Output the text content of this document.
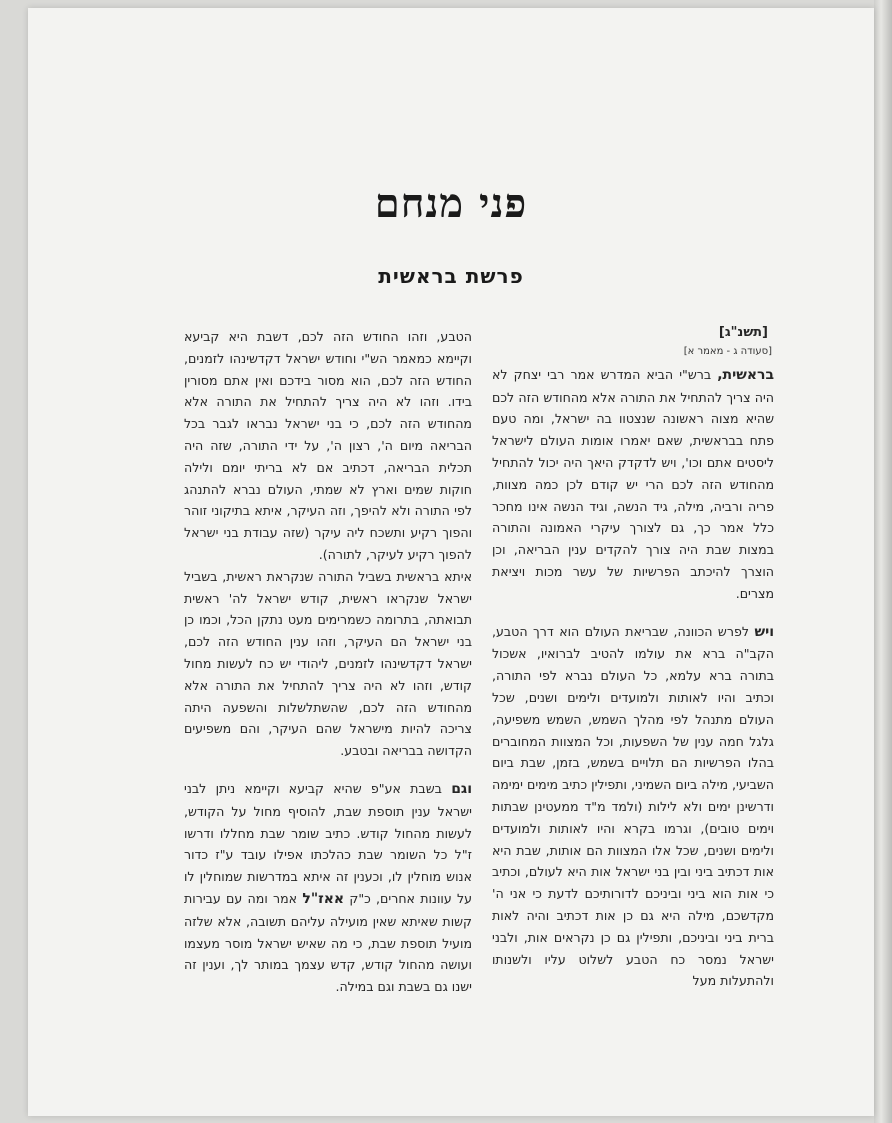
פני מנחם
פרשת בראשית
[תשנ"ג]
[סעודה ג - מאמר א]

בראשית, ברש"י הביא המדרש אמר רבי יצחק לא היה צריך להתחיל את התורה אלא מהחודש הזה לכם שהיא מצוה ראשונה שנצטוו בה ישראל, ומה טעם פתח בבראשית, שאם יאמרו אומות העולם לישראל ליסטים אתם וכו', ויש לדקדק היאך היה יכול להתחיל מהחודש הזה לכם הרי יש קודם לכן כמה מצוות, פריה ורביה, מילה, גיד הנשה, וגיד הנשה אינו מחכר כלל אמר כך, גם לצורך עיקרי האמונה והתורה במצות שבת היה צורך להקדים ענין הבריאה, וכן הוצרך להיכתב הפרשיות של עשר מכות ויציאת מצרים.

ויש לפרש הכוונה, שבריאת העולם הוא דרך הטבע, הקב"ה ברא את עולמו להטיב לברואיו, אשכול בתורה ברא עלמא, כל העולם נברא לפי התורה, וכתיב והיו לאותות ולמועדים ולימים ושנים, שכל העולם מתנהל לפי מהלך השמש, השמש משפיעה, גלגל חמה ענין של השפעות, וכל המצוות המחוברים בהלו הפרשיות הם תלויים בשמש, בזמן, שבת ביום השביעי, מילה ביום השמיני, ותפילין כתיב מימים ימימה ודרשינן ימים ולא לילות (ולמד מ"ד ממעטינן שבתות וימים טובים), וגרמו בקרא והיו לאותות ולמועדים ולימים ושנים, שכל אלו המצוות הם אותות, שבת היא אות דכתיב ביני ובין בני ישראל אות היא לעולם, וכתיב כי אות הוא ביני וביניכם לדורותיכם לדעת כי אני ה' מקדשכם, מילה היא גם כן אות דכתיב והיה לאות ברית ביני וביניכם, ותפילין גם כן נקראים אות, ולבני ישראל נמסר כח הטבע לשלוט עליו ולשנותו ולהתעלות מעל

הטבע, וזהו החודש הזה לכם, דשבת היא קביעא וקיימא כמאמר הש"י וחודש ישראל דקדשינהו לזמנים, החודש הזה לכם, הוא מסור בידכם ואין אתם מסורין בידו. וזהו לא היה צריך להתחיל את התורה אלא מהחודש הזה לכם, כי בני ישראל נבראו לגבר בכל הבריאה מיום ה', רצון ה', על ידי התורה, שזה היה תכלית הבריאה, דכתיב אם לא בריתי יומם ולילה חוקות שמים וארץ לא שמתי, העולם נברא להתנהג לפי התורה ולא להיפך, וזה העיקר, איתא בתיקוני זוהר והפוך רקיע ותשכח ליה עיקר (שזה עבודת בני ישראל להפוך רקיע לעיקר, לתורה).

איתא בראשית בשביל התורה שנקראת ראשית, בשביל ישראל שנקראו ראשית, קודש ישראל לה' ראשית תבואתה, בתרומה כשמרימים מעט נתקן הכל, וכמו כן בני ישראל הם העיקר, וזהו ענין החודש הזה לכם, ישראל דקדשינהו לזמנים, ליהודי יש כח לעשות מחול קודש, וזהו לא היה צריך להתחיל את התורה אלא מהחודש הזה לכם, שהשתלשלות והשפעה היתה צריכה להיות מישראל שהם העיקר, והם משפיעים הקדושה בבריאה ובטבע.

וגם בשבת אע"פ שהיא קביעא וקיימא ניתן לבני ישראל ענין תוספת שבת, להוסיף מחול על הקודש, לעשות מהחול קודש. כתיב שומר שבת מחללו ודרשו ז"ל כל השומר שבת כהלכתו אפילו עובד ע"ז כדור אנוש מוחלין לו, וכענין זה איתא במדרשות שמוחלין לו על עוונות אחרים, כ"ק אאז"ל אמר ומה עם עבירות קשות שאיתא שאין מועילה עליהם תשובה, אלא שלזה מועיל תוספת שבת, כי מה שאיש ישראל מוסר מעצמו ועושה מהחול קודש, קדש עצמך במותר לך, וענין זה ישנו גם בשבת וגם במילה.
